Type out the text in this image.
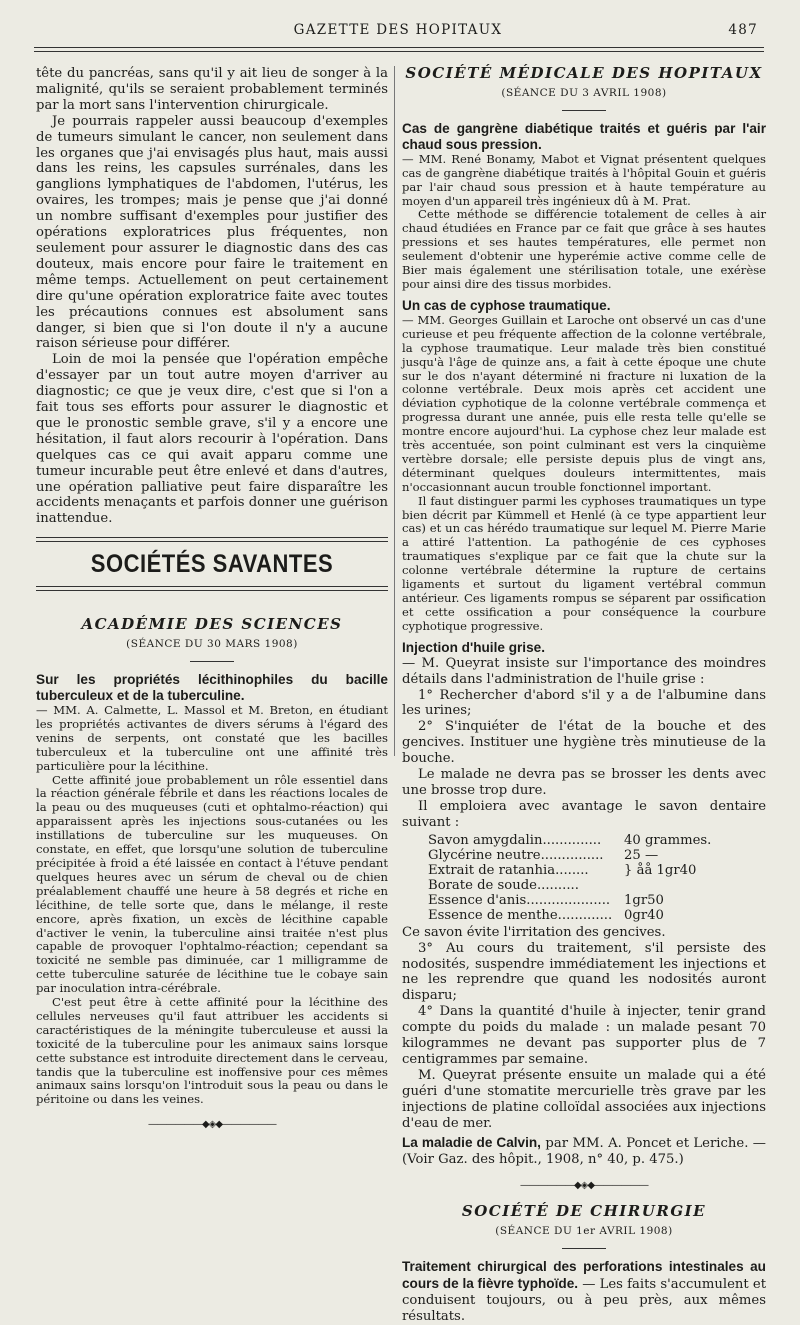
GAZETTE DES HOPITAUX	487

tête du pancréas, sans qu'il y ait lieu de songer à la malignité, qu'ils se seraient probablement terminés par la mort sans l'intervention chirurgicale.

Je pourrais rappeler aussi beaucoup d'exemples de tumeurs simulant le cancer, non seulement dans les organes que j'ai envisagés plus haut, mais aussi dans les reins, les capsules surrénales, dans les ganglions lymphatiques de l'abdomen, l'utérus, les ovaires, les trompes; mais je pense que j'ai donné un nombre suffisant d'exemples pour justifier des opérations exploratrices plus fréquentes, non seulement pour assurer le diagnostic dans des cas douteux, mais encore pour faire le traitement en même temps. Actuellement on peut certainement dire qu'une opération exploratrice faite avec toutes les précautions connues est absolument sans danger, si bien que si l'on doute il n'y a aucune raison sérieuse pour différer.

Loin de moi la pensée que l'opération empêche d'essayer par un tout autre moyen d'arriver au diagnostic; ce que je veux dire, c'est que si l'on a fait tous ses efforts pour assurer le diagnostic et que le pronostic semble grave, s'il y a encore une hésitation, il faut alors recourir à l'opération. Dans quelques cas ce qui avait apparu comme une tumeur incurable peut être enlevé et dans d'autres, une opération palliative peut faire disparaître les accidents menaçants et parfois donner une guérison inattendue.

SOCIÉTÉS SAVANTES

ACADÉMIE DES SCIENCES

(SÉANCE DU 30 MARS 1908)

Sur les propriétés lécithinophiles du bacille tuberculeux et de la tuberculine.

— MM. A. Calmette, L. Massol et M. Breton, en étudiant les propriétés activantes de divers sérums à l'égard des venins de serpents, ont constaté que les bacilles tuberculeux et la tuberculine ont une affinité très particulière pour la lécithine.

Cette affinité joue probablement un rôle essentiel dans la réaction générale fébrile et dans les réactions locales de la peau ou des muqueuses (cuti et ophtalmo-réaction) qui apparaissent après les injections sous-cutanées ou les instillations de tuberculine sur les muqueuses. On constate, en effet, que lorsqu'une solution de tuberculine précipitée à froid a été laissée en contact à l'étuve pendant quelques heures avec un sérum de cheval ou de chien préalablement chauffé une heure à 58 degrés et riche en lécithine, de telle sorte que, dans le mélange, il reste encore, après fixation, un excès de lécithine capable d'activer le venin, la tuberculine ainsi traitée n'est plus capable de provoquer l'ophtalmo-réaction; cependant sa toxicité ne semble pas diminuée, car 1 milligramme de cette tuberculine saturée de lécithine tue le cobaye sain par inoculation intra-cérébrale.

C'est peut être à cette affinité pour la lécithine des cellules nerveuses qu'il faut attribuer les accidents si caractéristiques de la méningite tuberculeuse et aussi la toxicité de la tuberculine pour les animaux sains lorsque cette substance est introduite directement dans le cerveau, tandis que la tuberculine est inoffensive pour ces mêmes animaux sains lorsqu'on l'introduit sous la peau ou dans le péritoine ou dans les veines.

——————◆◈◆——————

SOCIÉTÉ MÉDICALE DES HOPITAUX

(SÉANCE DU 3 AVRIL 1908)

Cas de gangrène diabétique traités et guéris par l'air chaud sous pression.

— MM. René Bonamy, Mabot et Vignat présentent quelques cas de gangrène diabétique traités à l'hôpital Gouin et guéris par l'air chaud sous pression et à haute température au moyen d'un appareil très ingénieux dû à M. Prat.

Cette méthode se différencie totalement de celles à air chaud étudiées en France par ce fait que grâce à ses hautes pressions et ses hautes températures, elle permet non seulement d'obtenir une hyperémie active comme celle de Bier mais également une stérilisation totale, une exérèse pour ainsi dire des tissus morbides.

Un cas de cyphose traumatique.

— MM. Georges Guillain et Laroche ont observé un cas d'une curieuse et peu fréquente affection de la colonne vertébrale, la cyphose traumatique. Leur malade très bien constitué jusqu'à l'âge de quinze ans, a fait à cette époque une chute sur le dos n'ayant déterminé ni fracture ni luxation de la colonne vertébrale. Deux mois après cet accident une déviation cyphotique de la colonne vertébrale commença et progressa durant une année, puis elle resta telle qu'elle se montre encore aujourd'hui. La cyphose chez leur malade est très accentuée, son point culminant est vers la cinquième vertèbre dorsale; elle persiste depuis plus de vingt ans, déterminant quelques douleurs intermittentes, mais n'occasionnant aucun trouble fonctionnel important.

Il faut distinguer parmi les cyphoses traumatiques un type bien décrit par Kümmell et Henlé (à ce type appartient leur cas) et un cas hérédo traumatique sur lequel M. Pierre Marie a attiré l'attention. La pathogénie de ces cyphoses traumatiques s'explique par ce fait que la chute sur la colonne vertébrale détermine la rupture de certains ligaments et surtout du ligament vertébral commun antérieur. Ces ligaments rompus se séparent par ossification et cette ossification a pour conséquence la courbure cyphotique progressive.

Injection d'huile grise.

— M. Queyrat insiste sur l'importance des moindres détails dans l'administration de l'huile grise :

1° Rechercher d'abord s'il y a de l'albumine dans les urines;

2° S'inquiéter de l'état de la bouche et des gencives. Instituer une hygiène très minutieuse de la bouche.

Le malade ne devra pas se brosser les dents avec une brosse trop dure.

Il emploiera avec avantage le savon dentaire suivant :

Savon amygdalin..............	40 grammes.
Glycérine neutre...............	25 —
Extrait de ratanhia........	} åå 1gr40
Borate de soude..........
Essence d'anis....................	1gr50
Essence de menthe............. 0gr40

Ce savon évite l'irritation des gencives.

3° Au cours du traitement, s'il persiste des nodosités, suspendre immédiatement les injections et ne les reprendre que quand les nodosités auront disparu;

4° Dans la quantité d'huile à injecter, tenir grand compte du poids du malade : un malade pesant 70 kilogrammes ne devant pas supporter plus de 7 centigrammes par semaine.

M. Queyrat présente ensuite un malade qui a été guéri d'une stomatite mercurielle très grave par les injections de platine colloïdal associées aux injections d'eau de mer.

La maladie de Calvin, par MM. A. Poncet et Leriche. — (Voir Gaz. des hôpit., 1908, n° 40, p. 475.)

——————◆◈◆——————

SOCIÉTÉ DE CHIRURGIE

(SÉANCE DU 1er AVRIL 1908)

Traitement chirurgical des perforations intestinales au cours de la fièvre typhoïde. — Les faits s'accumulent et conduisent toujours, ou à peu près, aux mêmes résultats.
